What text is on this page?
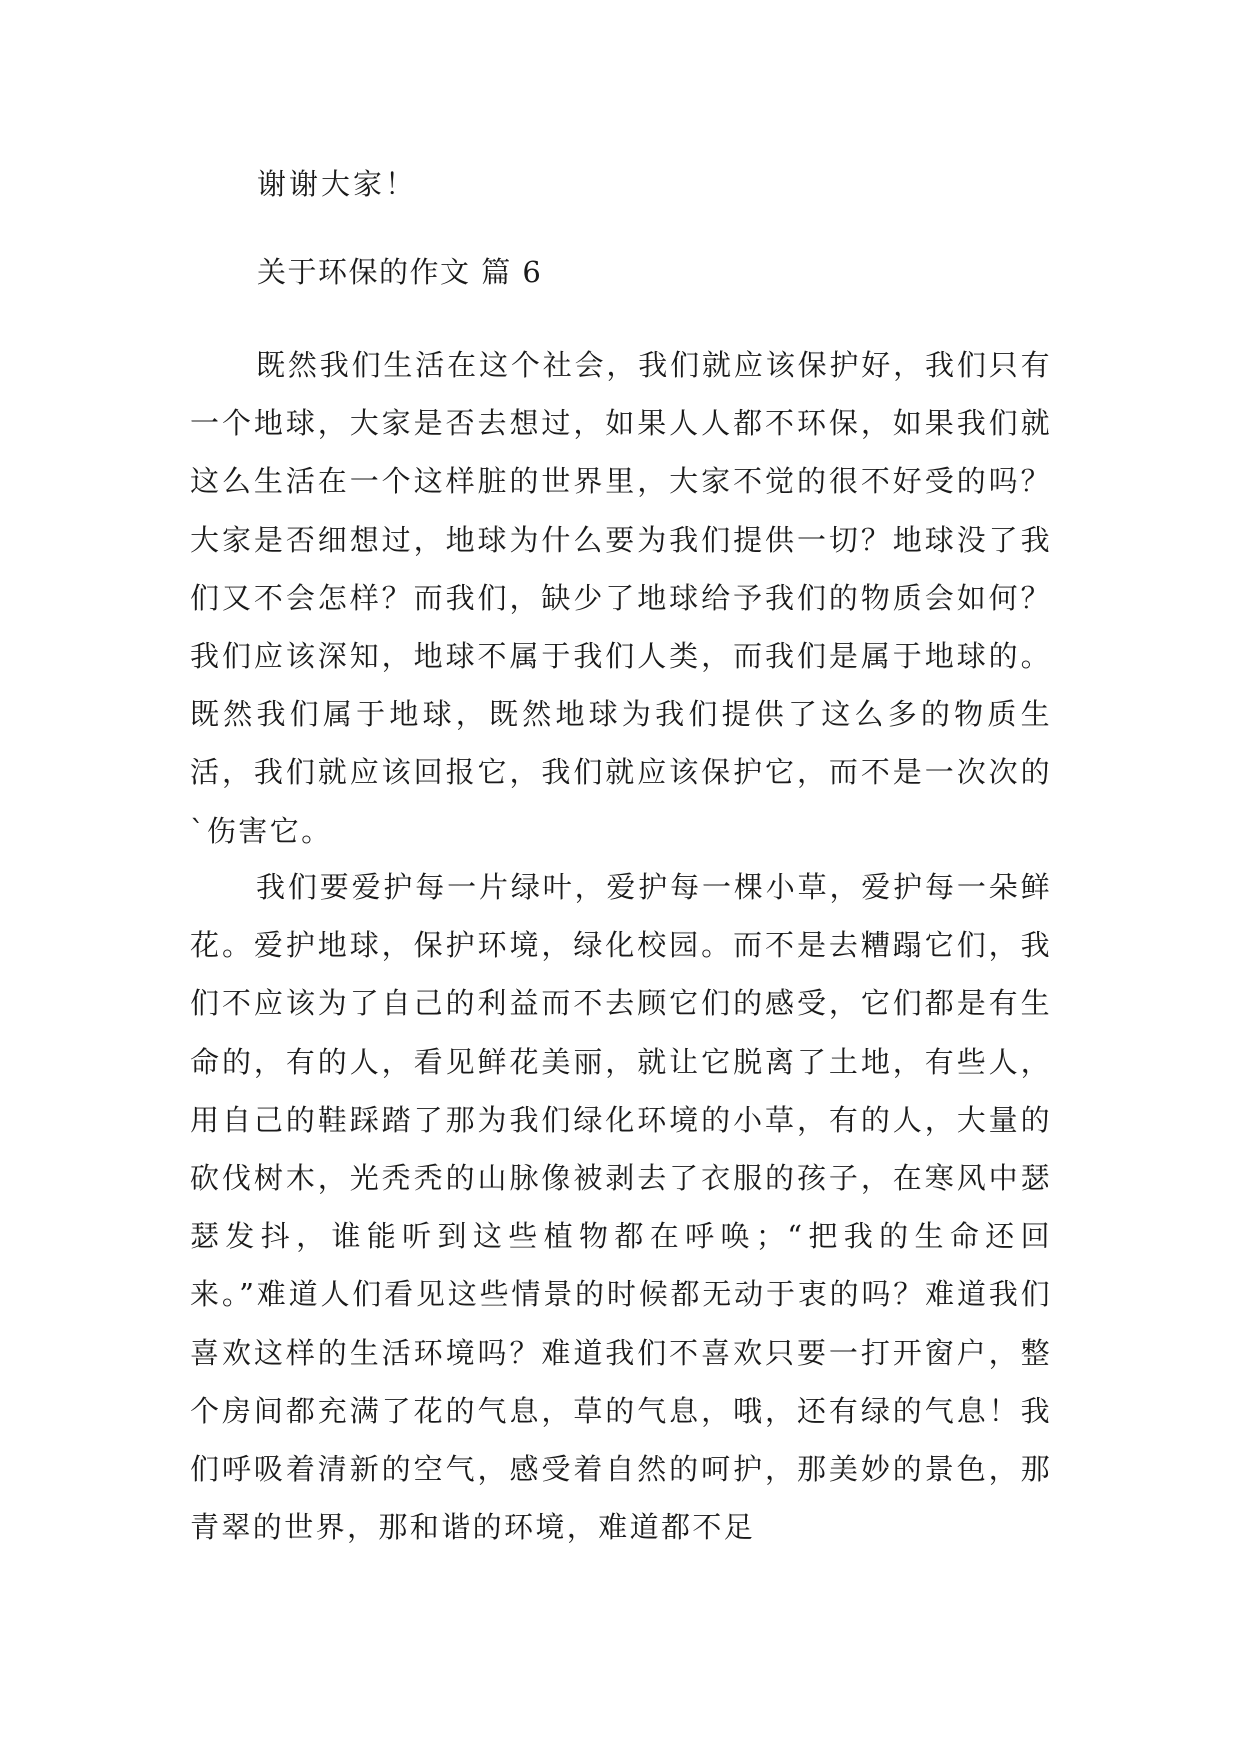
谢谢大家！
关于环保的作文 篇 6

既然我们生活在这个社会，我们就应该保护好，我们只有一个地球，大家是否去想过，如果人人都不环保，如果我们就这么生活在一个这样脏的世界里，大家不觉的很不好受的吗？大家是否细想过，地球为什么要为我们提供一切？地球没了我们又不会怎样？而我们，缺少了地球给予我们的物质会如何？我们应该深知，地球不属于我们人类，而我们是属于地球的。既然我们属于地球，既然地球为我们提供了这么多的物质生活，我们就应该回报它，我们就应该保护它，而不是一次次的`伤害它。

我们要爱护每一片绿叶，爱护每一棵小草，爱护每一朵鲜花。爱护地球，保护环境，绿化校园。而不是去糟蹋它们，我们不应该为了自己的利益而不去顾它们的感受，它们都是有生命的，有的人，看见鲜花美丽，就让它脱离了土地，有些人，用自己的鞋踩踏了那为我们绿化环境的小草，有的人，大量的砍伐树木，光秃秃的山脉像被剥去了衣服的孩子，在寒风中瑟瑟发抖，谁能听到这些植物都在呼唤；“把我的生命还回来。”难道人们看见这些情景的时候都无动于衷的吗？难道我们喜欢这样的生活环境吗？难道我们不喜欢只要一打开窗户，整个房间都充满了花的气息，草的气息，哦，还有绿的气息！我们呼吸着清新的空气，感受着自然的呵护，那美妙的景色，那青翠的世界，那和谐的环境，难道都不足
